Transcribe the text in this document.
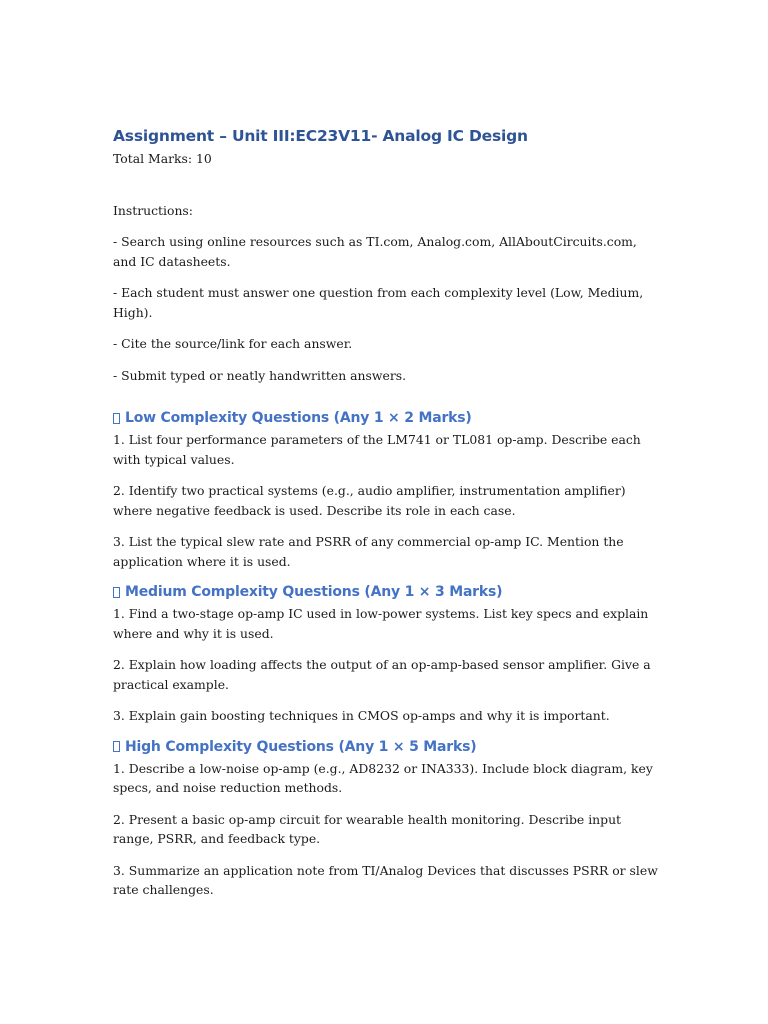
Assignment – Unit III:EC23V11- Analog IC Design

Total Marks: 10

Instructions:

- Search using online resources such as TI.com, Analog.com, AllAboutCircuits.com, and IC datasheets.

- Each student must answer one question from each complexity level (Low, Medium, High).

- Cite the source/link for each answer.

- Submit typed or neatly handwritten answers.

Low Complexity Questions (Any 1 × 2 Marks)

1. List four performance parameters of the LM741 or TL081 op-amp. Describe each with typical values.

2. Identify two practical systems (e.g., audio amplifier, instrumentation amplifier) where negative feedback is used. Describe its role in each case.

3. List the typical slew rate and PSRR of any commercial op-amp IC. Mention the application where it is used.

Medium Complexity Questions (Any 1 × 3 Marks)

1. Find a two-stage op-amp IC used in low-power systems. List key specs and explain where and why it is used.

2. Explain how loading affects the output of an op-amp-based sensor amplifier. Give a practical example.

3. Explain gain boosting techniques in CMOS op-amps and why it is important.

High Complexity Questions (Any 1 × 5 Marks)

1. Describe a low-noise op-amp (e.g., AD8232 or INA333). Include block diagram, key specs, and noise reduction methods.

2. Present a basic op-amp circuit for wearable health monitoring. Describe input range, PSRR, and feedback type.

3. Summarize an application note from TI/Analog Devices that discusses PSRR or slew rate challenges.
